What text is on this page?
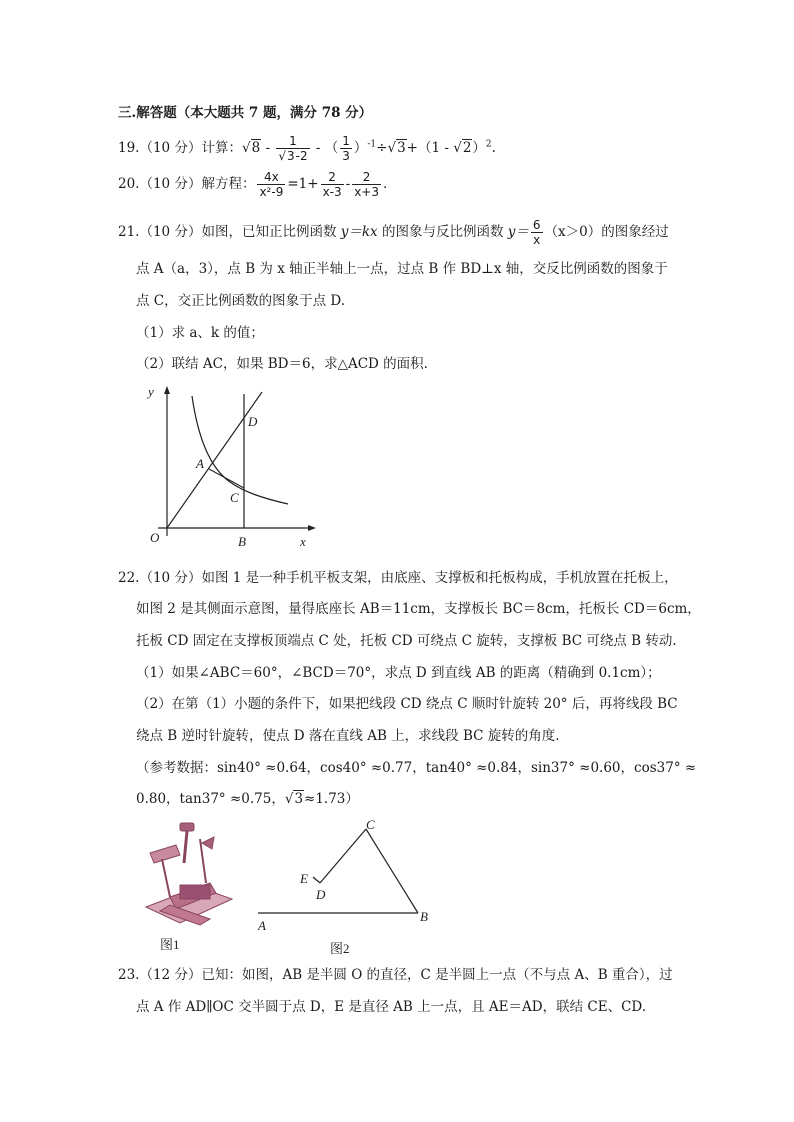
三.解答题（本大题共 7 题，满分 78 分）
19.（10 分）计算：$√8 - \frac{1}{√3-2}$ - （ $\frac{1}{3} )^{-1}\div√3+(1 - √2)^2$.
20.（10 分）解方程： $\frac{4x}{\text{x²-9}} =1+ \frac{2}{x-3} - \frac{2}{x+3}$ .
21.（10 分）如图，已知正比例函数 y＝kx 的图象与反比例函数 $y= \frac{6}{x} (x>0)$的图象经过
点 A（a，3），点 B 为 x 轴正半轴上一点，过点 B 作 BD⊥x 轴，交反比例函数的图象于
点 C，交正比例函数的图象于点 D.
（1）求 a、k 的值；
（2）联结 AC，如果 BD＝6，求△ACD 的面积.
y
x
O
A
B
C
D
22.（10 分）如图 1 是一种手机平板支架，由底座、支撑板和托板构成，手机放置在托板上，
如图 2 是其侧面示意图，量得底座长 AB＝11cm，支撑板长 BC＝8cm，托板长 CD＝6cm，
托板 CD 固定在支撑板顶端点 C 处，托板 CD 可绕点 C 旋转，支撑板 BC 可绕点 B 转动.
（1）如果∠ABC＝60°，∠BCD＝70°，求点 D 到直线 AB 的距离（精确到 0.1cm）；
（2）在第（1）小题的条件下，如果把线段 CD 绕点 C 顺时针旋转 20° 后，再将线段 BC
绕点 B 逆时针旋转，使点 D 落在直线 AB 上，求线段 BC 旋转的角度.
（参考数据：sin40° ≈0.64，cos40° ≈0.77，tan40° ≈0.84，sin37° ≈0.60，cos37° ≈
0.80，tan37° ≈0.75，√3≈1.73）
图1
A
B
C
D
E
图2
23.（12 分）已知：如图，AB 是半圆 O 的直径，C 是半圆上一点（不与点 A、B 重合），过
点 A 作 AD∥OC 交半圆于点 D，E 是直径 AB 上一点，且 AE＝AD，联结 CE、CD.
